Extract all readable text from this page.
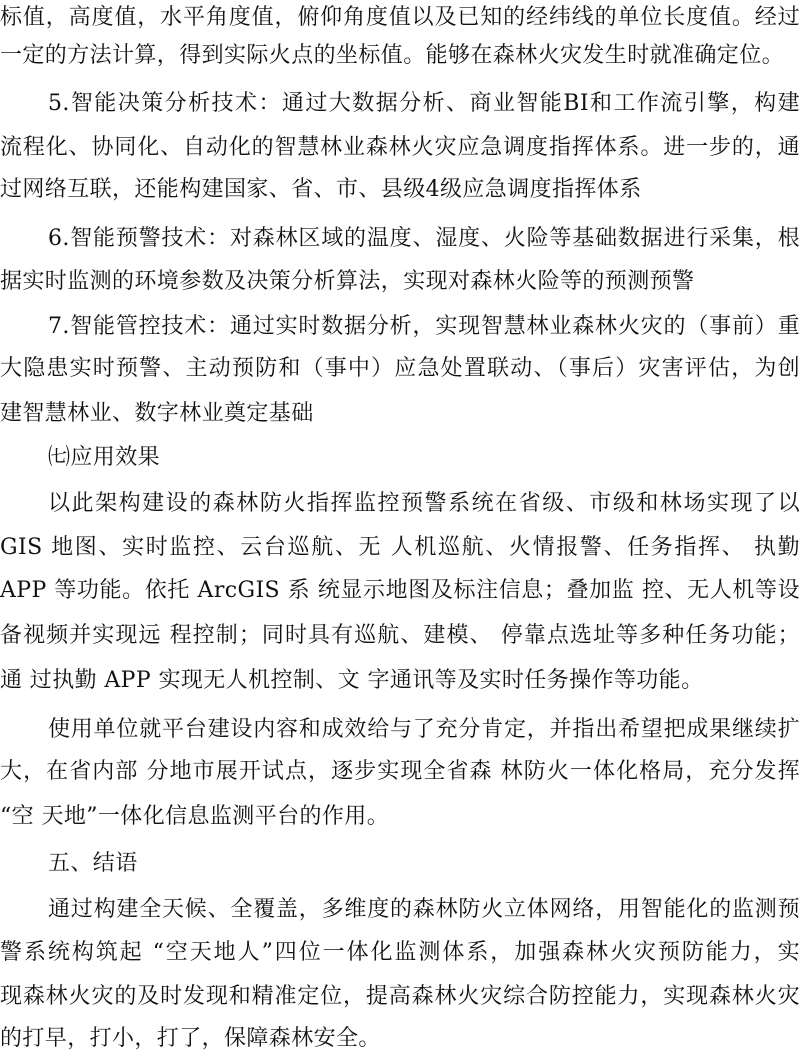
标值，高度值，水平角度值，俯仰角度值以及已知的经纬线的单位长度值。经过
一定的方法计算，得到实际火点的坐标值。能够在森林火灾发生时就准确定位。
5.智能决策分析技术：通过大数据分析、商业智能BI和工作流引擎，构建
流程化、协同化、自动化的智慧林业森林火灾应急调度指挥体系。进一步的，通
过网络互联，还能构建国家、省、市、县级4级应急调度指挥体系
6.智能预警技术：对森林区域的温度、湿度、火险等基础数据进行采集，根
据实时监测的环境参数及决策分析算法，实现对森林火险等的预测预警
7.智能管控技术：通过实时数据分析，实现智慧林业森林火灾的（事前）重
大隐患实时预警、主动预防和（事中）应急处置联动、（事后）灾害评估，为创
建智慧林业、数字林业奠定基础
㈦应用效果
以此架构建设的森林防火指挥监控预警系统在省级、市级和林场实现了以
GIS 地图、实时监控、云台巡航、无 人机巡航、火情报警、任务指挥、 执勤
APP 等功能。依托 ArcGIS 系 统显示地图及标注信息；叠加监 控、无人机等设
备视频并实现远 程控制；同时具有巡航、建模、 停靠点选址等多种任务功能；
通 过执勤 APP 实现无人机控制、文 字通讯等及实时任务操作等功能。
使用单位就平台建设内容和成效给与了充分肯定，并指出希望把成果继续扩
大，在省内部 分地市展开试点，逐步实现全省森 林防火一体化格局，充分发挥
“空 天地”一体化信息监测平台的作用。
五、结语
通过构建全天候、全覆盖，多维度的森林防火立体网络，用智能化的监测预
警系统构筑起 “空天地人”四位一体化监测体系，加强森林火灾预防能力，实
现森林火灾的及时发现和精准定位，提高森林火灾综合防控能力，实现森林火灾
的打早，打小，打了，保障森林安全。
